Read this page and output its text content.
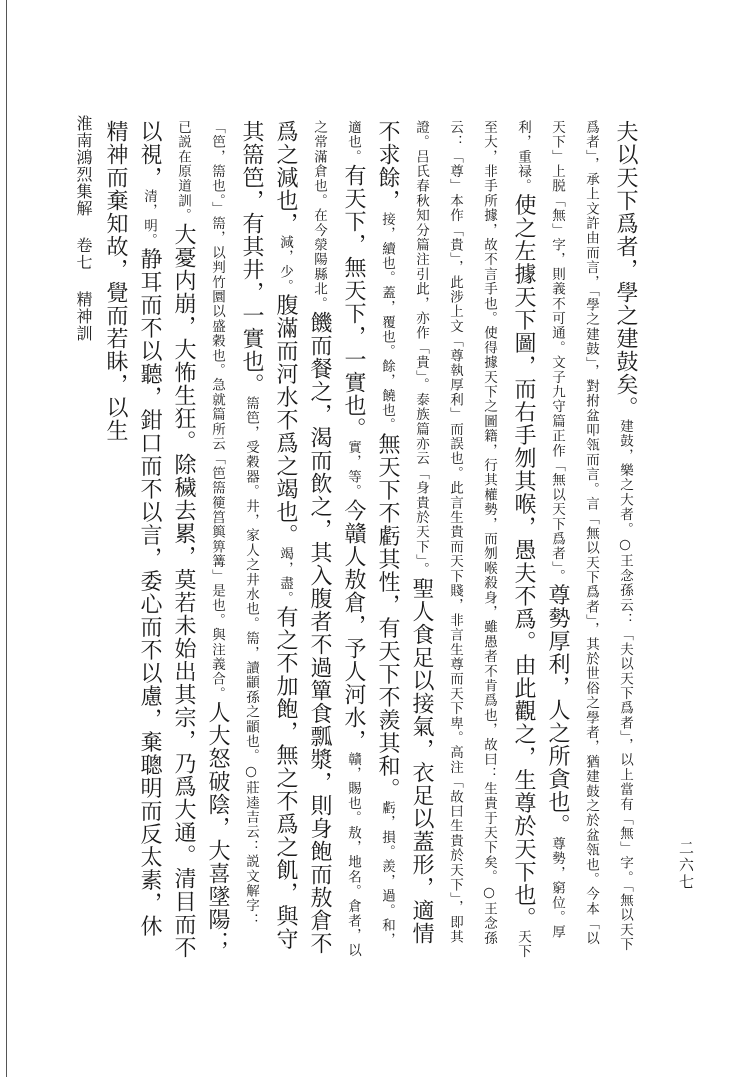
淮南鴻烈集解 卷七 精神訓
二六七

夫以天下爲者，學之建鼓矣。建鼓，樂之大者。○王念孫云：「夫以天下爲者」，以上當有「無」字。「無以天下爲者」，承上文許由而言，「學之建鼓」，對拊盆叩瓴而言。言「無以天下爲者」，其於世俗之學者，猶建鼓之於盆瓴也。今本「以天下」上脱「無」字，則義不可通。文子九守篇正作「無以天下爲者」。尊勢厚利，人之所貪也。尊勢，窮位。厚利，重禄。使之左據天下圖，而右手刎其喉，愚夫不爲。由此觀之，生尊於天下也。天下至大，非手所據，故不言手也。使得據天下之圖籍，行其權勢，而刎喉殺身，雖愚者不肯爲也，故曰：生貴于天下矣。○王念孫云：「尊」本作「貴」，此涉上文「尊執厚利」而誤也。此言生貴而天下賤，非言生尊而天下卑。高注「故曰生貴於天下」，即其證。吕氏春秋知分篇注引此，亦作「貴」。泰族篇亦云「身貴於天下」。聖人食足以接氣，衣足以蓋形，適情不求餘，接，續也。蓋，覆也。餘，饒也。無天下不虧其性，有天下不羨其和。虧，損。羨，過。和，適也。有天下，無天下，一實也。實，等。今贛人敖倉，予人河水，贛，賜也。敖，地名。倉者，以之常滿倉也。在今滎陽縣北。饑而餐之，渴而飲之，其入腹者不過簞食瓢漿，則身飽而敖倉不爲之減也，減，少。腹滿而河水不爲之竭也。竭，盡。有之不加飽，無之不爲之飢，與守其篅笆，有其井，一實也。篅笆，受穀器。井，家人之井水也。篅，讀顓孫之顓也。○莊逵吉云：説文解字：「笆，篅也。」篅，以判竹圜以盛穀也。急就篇所云「笆篅箯筥籅箅篝」是也。與注義合。人大怒破陰，大喜墜陽；已説在原道訓。大憂内崩，大怖生狂。除穢去累，莫若未始出其宗，乃爲大通。清目而不以視，清，明。静耳而不以聽，鉗口而不以言，委心而不以慮，棄聰明而反太素，休精神而棄知故，覺而若眛，以生
